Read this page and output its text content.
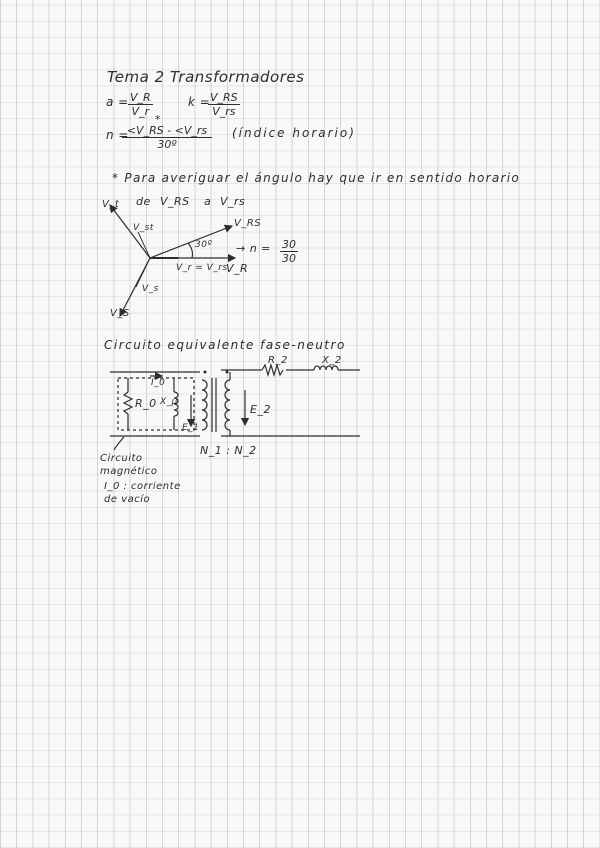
Tema 2 Transformadores
$a = \frac{V\_R}{V\_r}$	k =
$\frac{V\_RS}{V\_rs}$
*
n =
$\frac{<V\_RS - <V\_rs}{\text{30º}}$ (índice horario)
* Para averiguar el ángulo hay que ir en sentido horario
de V_RS a V_rs
V_t
V_st	V_RS
30º
V_r = V_rs
V_R
V_s
V_S
→ $n = \frac{30}{30}$
Circuito equivalente fase-neutro
R_2	X_2
I_0
R_0 X_μ
E_1
E_2
N_1 : N_2
Circuito magnético
I_0 : corriente de vacío
